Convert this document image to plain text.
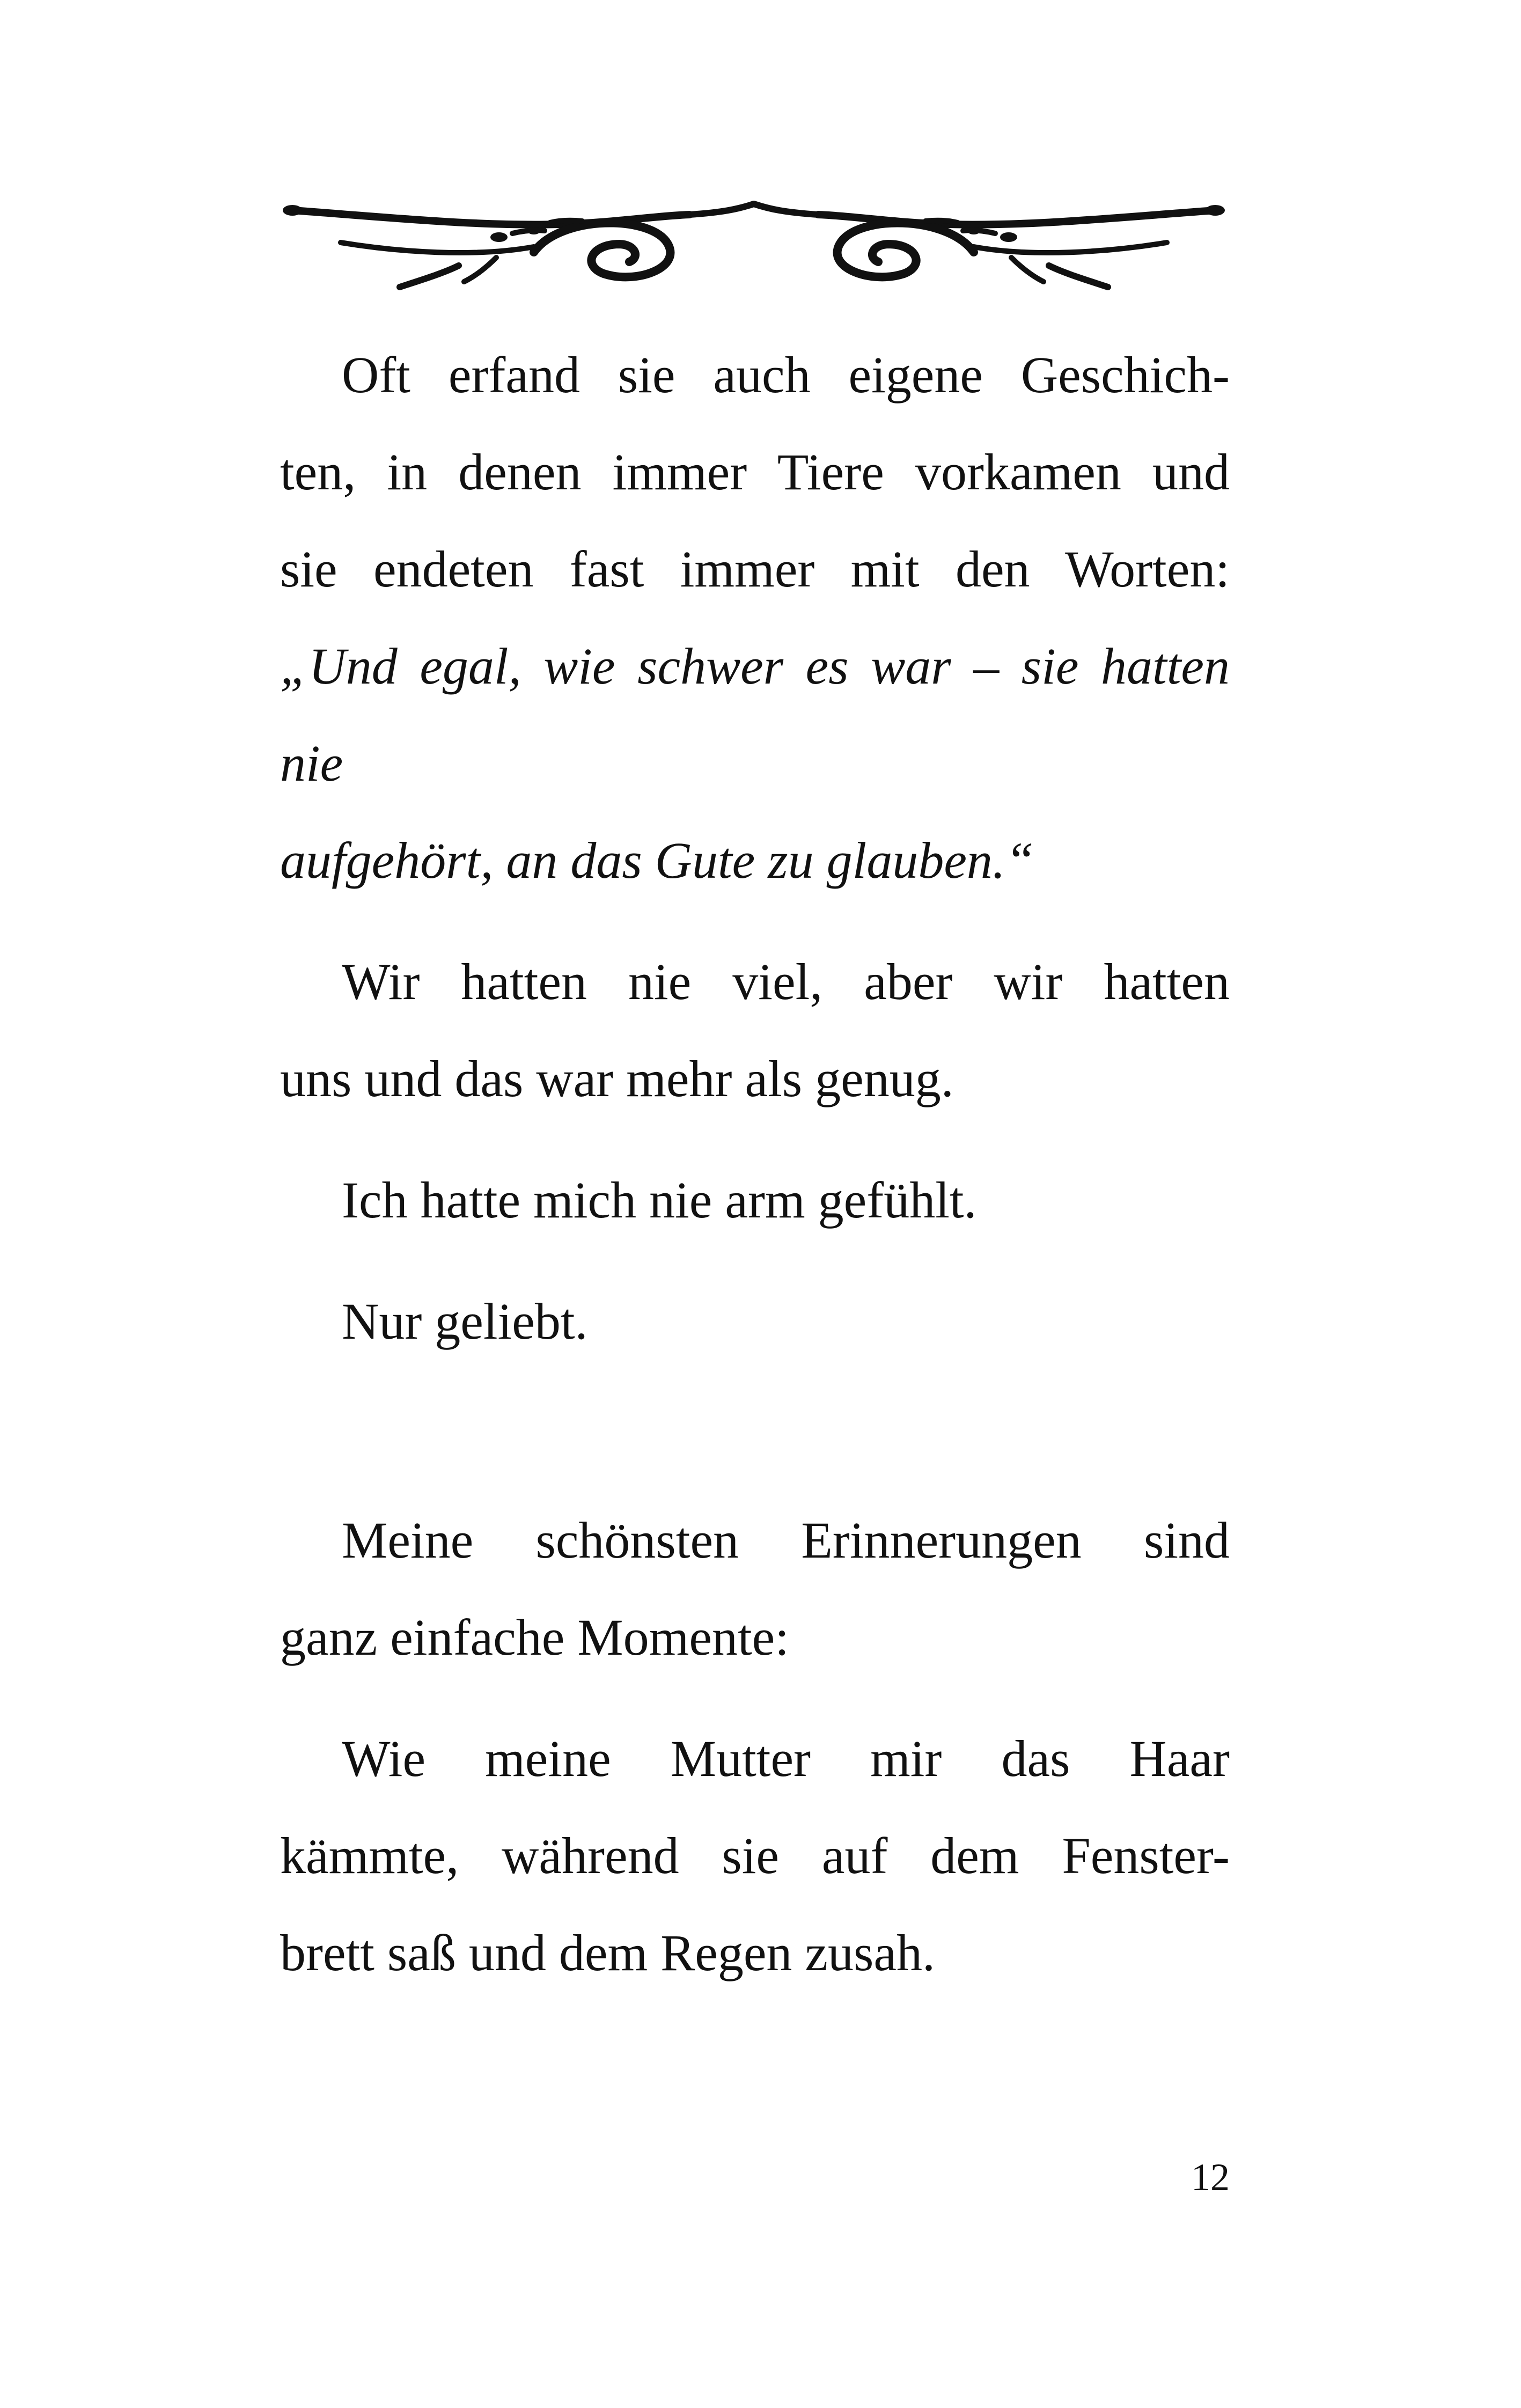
Oft erfand sie auch eigene Geschich-
ten, in denen immer Tiere vorkamen und
sie endeten fast immer mit den Worten:
„Und egal, wie schwer es war – sie hatten nie
aufgehört, an das Gute zu glauben.“

Wir hatten nie viel, aber wir hatten
uns und das war mehr als genug.

Ich hatte mich nie arm gefühlt.

Nur geliebt.

Meine schönsten Erinnerungen sind
ganz einfache Momente:

Wie meine Mutter mir das Haar
kämmte, während sie auf dem Fenster-
brett saß und dem Regen zusah.

12
